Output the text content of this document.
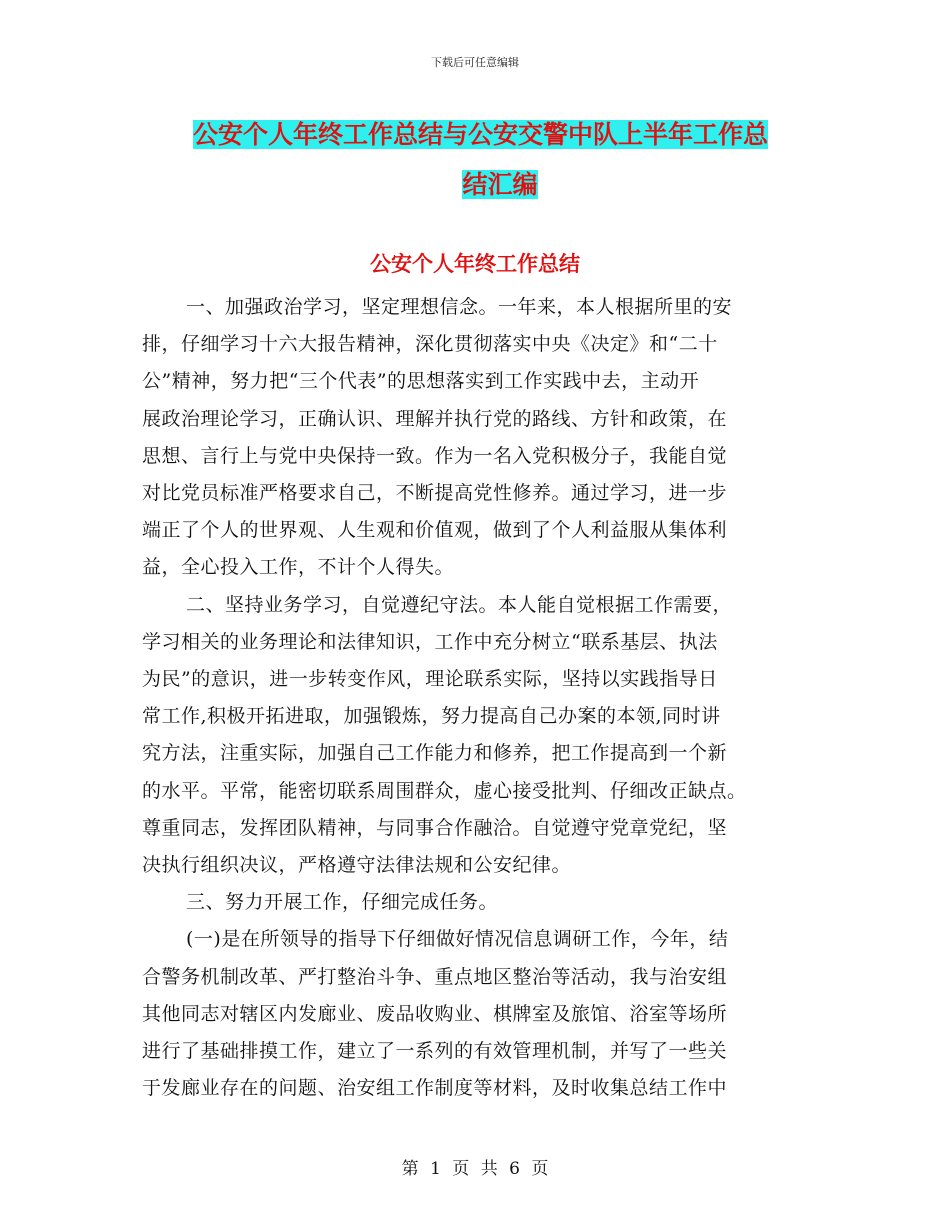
下载后可任意编辑
公安个人年终工作总结与公安交警中队上半年工作总
结汇编
公安个人年终工作总结

一、加强政治学习，坚定理想信念。一年来，本人根据所里的安

排，仔细学习十六大报告精神，深化贯彻落实中央《决定》和“二十

公”精神，努力把“三个代表”的思想落实到工作实践中去，主动开

展政治理论学习，正确认识、理解并执行党的路线、方针和政策，在

思想、言行上与党中央保持一致。作为一名入党积极分子，我能自觉

对比党员标准严格要求自己，不断提高党性修养。通过学习，进一步

端正了个人的世界观、人生观和价值观，做到了个人利益服从集体利

益，全心投入工作，不计个人得失。

二、坚持业务学习，自觉遵纪守法。本人能自觉根据工作需要，

学习相关的业务理论和法律知识，工作中充分树立“联系基层、执法

为民”的意识，进一步转变作风，理论联系实际，坚持以实践指导日

常工作,积极开拓进取，加强锻炼，努力提高自己办案的本领,同时讲

究方法，注重实际，加强自己工作能力和修养，把工作提高到一个新

的水平。平常，能密切联系周围群众，虚心接受批判、仔细改正缺点。

尊重同志，发挥团队精神，与同事合作融洽。自觉遵守党章党纪，坚

决执行组织决议，严格遵守法律法规和公安纪律。

三、努力开展工作，仔细完成任务。

(一)是在所领导的指导下仔细做好情况信息调研工作，今年，结

合警务机制改革、严打整治斗争、重点地区整治等活动，我与治安组

其他同志对辖区内发廊业、废品收购业、棋牌室及旅馆、浴室等场所

进行了基础排摸工作，建立了一系列的有效管理机制，并写了一些关

于发廊业存在的问题、治安组工作制度等材料，及时收集总结工作中

第 1 页 共 6 页
